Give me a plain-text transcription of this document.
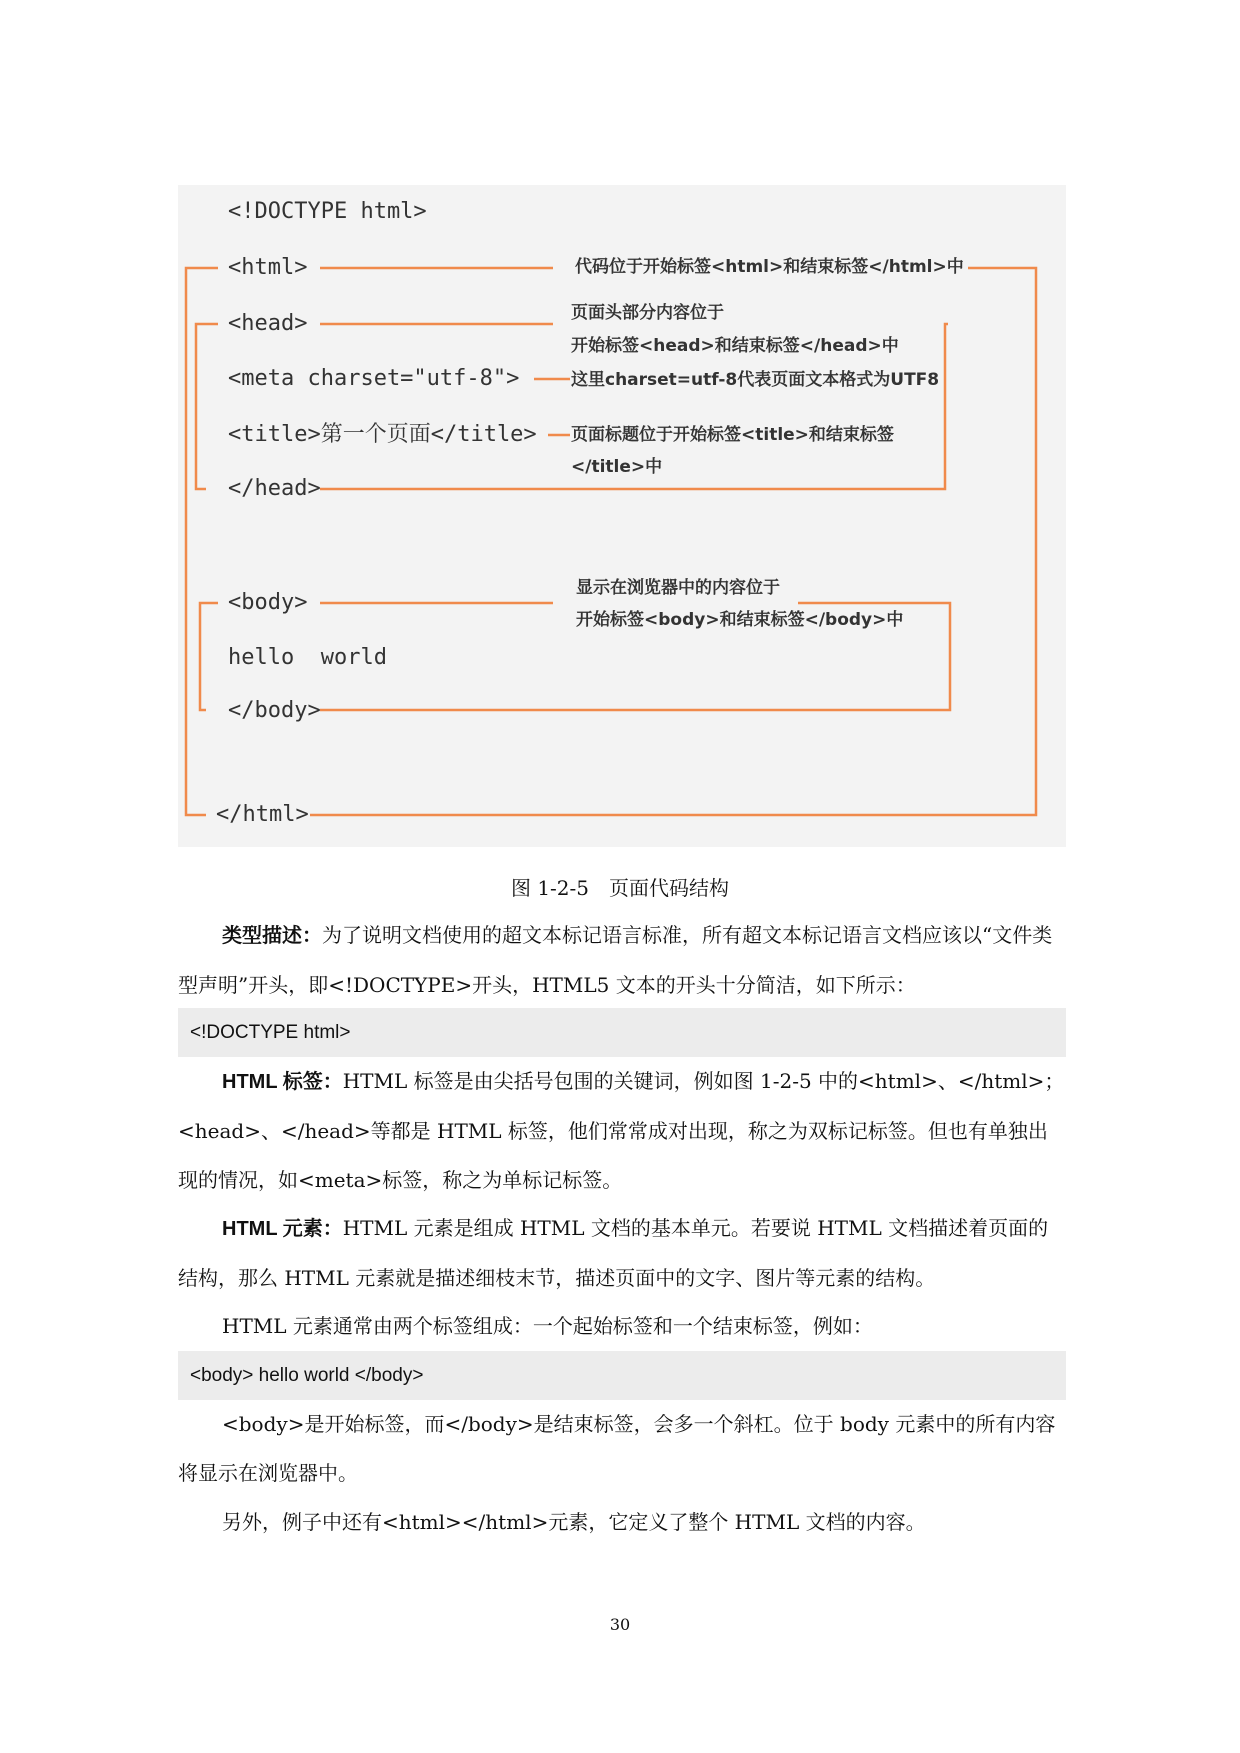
<!DOCTYPE html>
<html>
<head>
<meta charset="utf-8">
<title>第一个页面</title>
</head>
<body>
hello  world
</body>
</html>
代码位于开始标签<html>和结束标签</html>中
页面头部分内容位于
开始标签<head>和结束标签</head>中
这里charset=utf-8代表页面文本格式为UTF8
页面标题位于开始标签<title>和结束标签
</title>中
显示在浏览器中的内容位于
开始标签<body>和结束标签</body>中
图 1-2-5　页面代码结构
类型描述：为了说明文档使用的超文本标记语言标准，所有超文本标记语言文档应该以“文件类型声明”开头，即<!DOCTYPE>开头，HTML5 文本的开头十分简洁，如下所示：
<!DOCTYPE html>
HTML 标签：HTML 标签是由尖括号包围的关键词，例如图 1-2-5 中的<html>、</html>；<head>、</head>等都是 HTML 标签，他们常常成对出现，称之为双标记标签。但也有单独出现的情况，如<meta>标签，称之为单标记标签。
HTML 元素：HTML 元素是组成 HTML 文档的基本单元。若要说 HTML 文档描述着页面的结构，那么 HTML 元素就是描述细枝末节，描述页面中的文字、图片等元素的结构。
HTML 元素通常由两个标签组成：一个起始标签和一个结束标签，例如：
<body> hello world </body>
<body>是开始标签，而</body>是结束标签，会多一个斜杠。位于 body 元素中的所有内容将显示在浏览器中。
另外，例子中还有<html></html>元素，它定义了整个 HTML 文档的内容。
30
